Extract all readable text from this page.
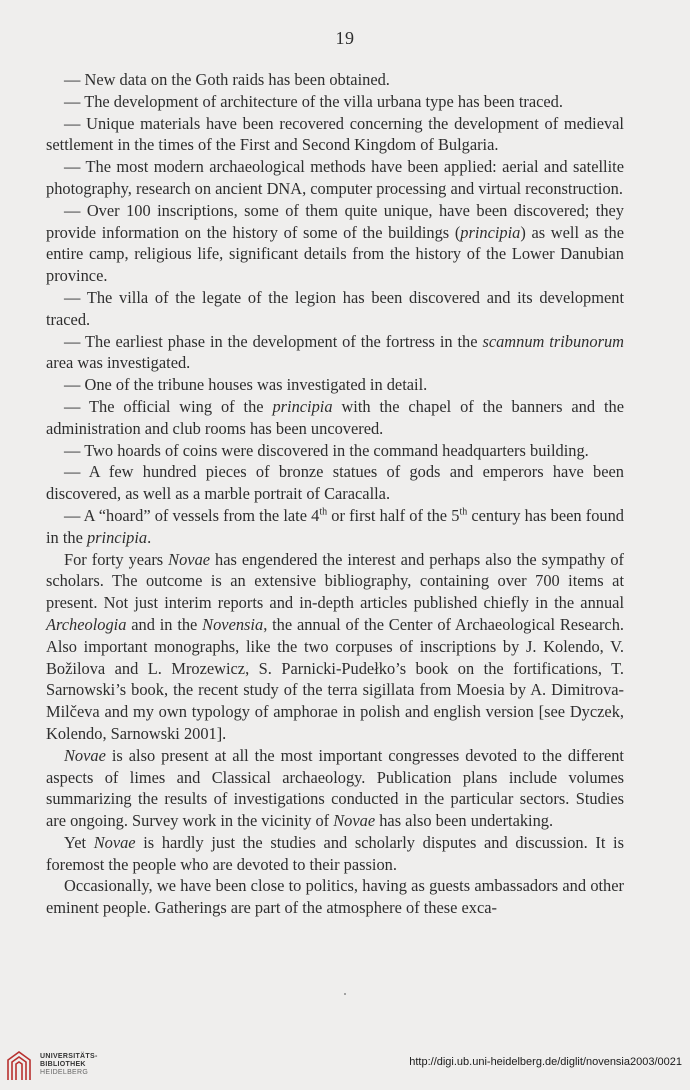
19

— New data on the Goth raids has been obtained.

— The development of architecture of the villa urbana type has been traced.

— Unique materials have been recovered concerning the development of medieval settlement in the times of the First and Second Kingdom of Bulgaria.

— The most modern archaeological methods have been applied: aerial and satellite photography, research on ancient DNA, computer processing and virtual reconstruction.

— Over 100 inscriptions, some of them quite unique, have been discovered; they provide information on the history of some of the buildings (principia) as well as the entire camp, religious life, significant details from the history of the Lower Danubian province.

— The villa of the legate of the legion has been discovered and its development traced.

— The earliest phase in the development of the fortress in the scamnum tribunorum area was investigated.

— One of the tribune houses was investigated in detail.

— The official wing of the principia with the chapel of the banners and the administration and club rooms has been uncovered.

— Two hoards of coins were discovered in the command headquarters building.

— A few hundred pieces of bronze statues of gods and emperors have been discovered, as well as a marble portrait of Caracalla.

— A “hoard” of vessels from the late 4th or first half of the 5th century has been found in the principia.

For forty years Novae has engendered the interest and perhaps also the sympathy of scholars. The outcome is an extensive bibliography, containing over 700 items at present. Not just interim reports and in-depth articles published chiefly in the annual Archeologia and in the Novensia, the annual of the Center of Archaeological Research. Also important monographs, like the two corpuses of inscriptions by J. Kolendo, V. Božilova and L. Mrozewicz, S. Parnicki-Pudełko’s book on the fortifications, T. Sarnowski’s book, the recent study of the terra sigillata from Moesia by A. Dimitrova-Milčeva and my own typology of amphorae in polish and english version [see Dyczek, Kolendo, Sarnowski 2001].

Novae is also present at all the most important congresses devoted to the different aspects of limes and Classical archaeology. Publication plans include volumes summarizing the results of investigations conducted in the particular sectors. Studies are ongoing. Survey work in the vicinity of Novae has also been undertaking.

Yet Novae is hardly just the studies and scholarly disputes and discussion. It is foremost the people who are devoted to their passion.

Occasionally, we have been close to politics, having as guests ambassadors and other eminent people. Gatherings are part of the atmosphere of these exca-

UNIVERSITÄTS-
BIBLIOTHEK
HEIDELBERG
http://digi.ub.uni-heidelberg.de/diglit/novensia2003/0021
